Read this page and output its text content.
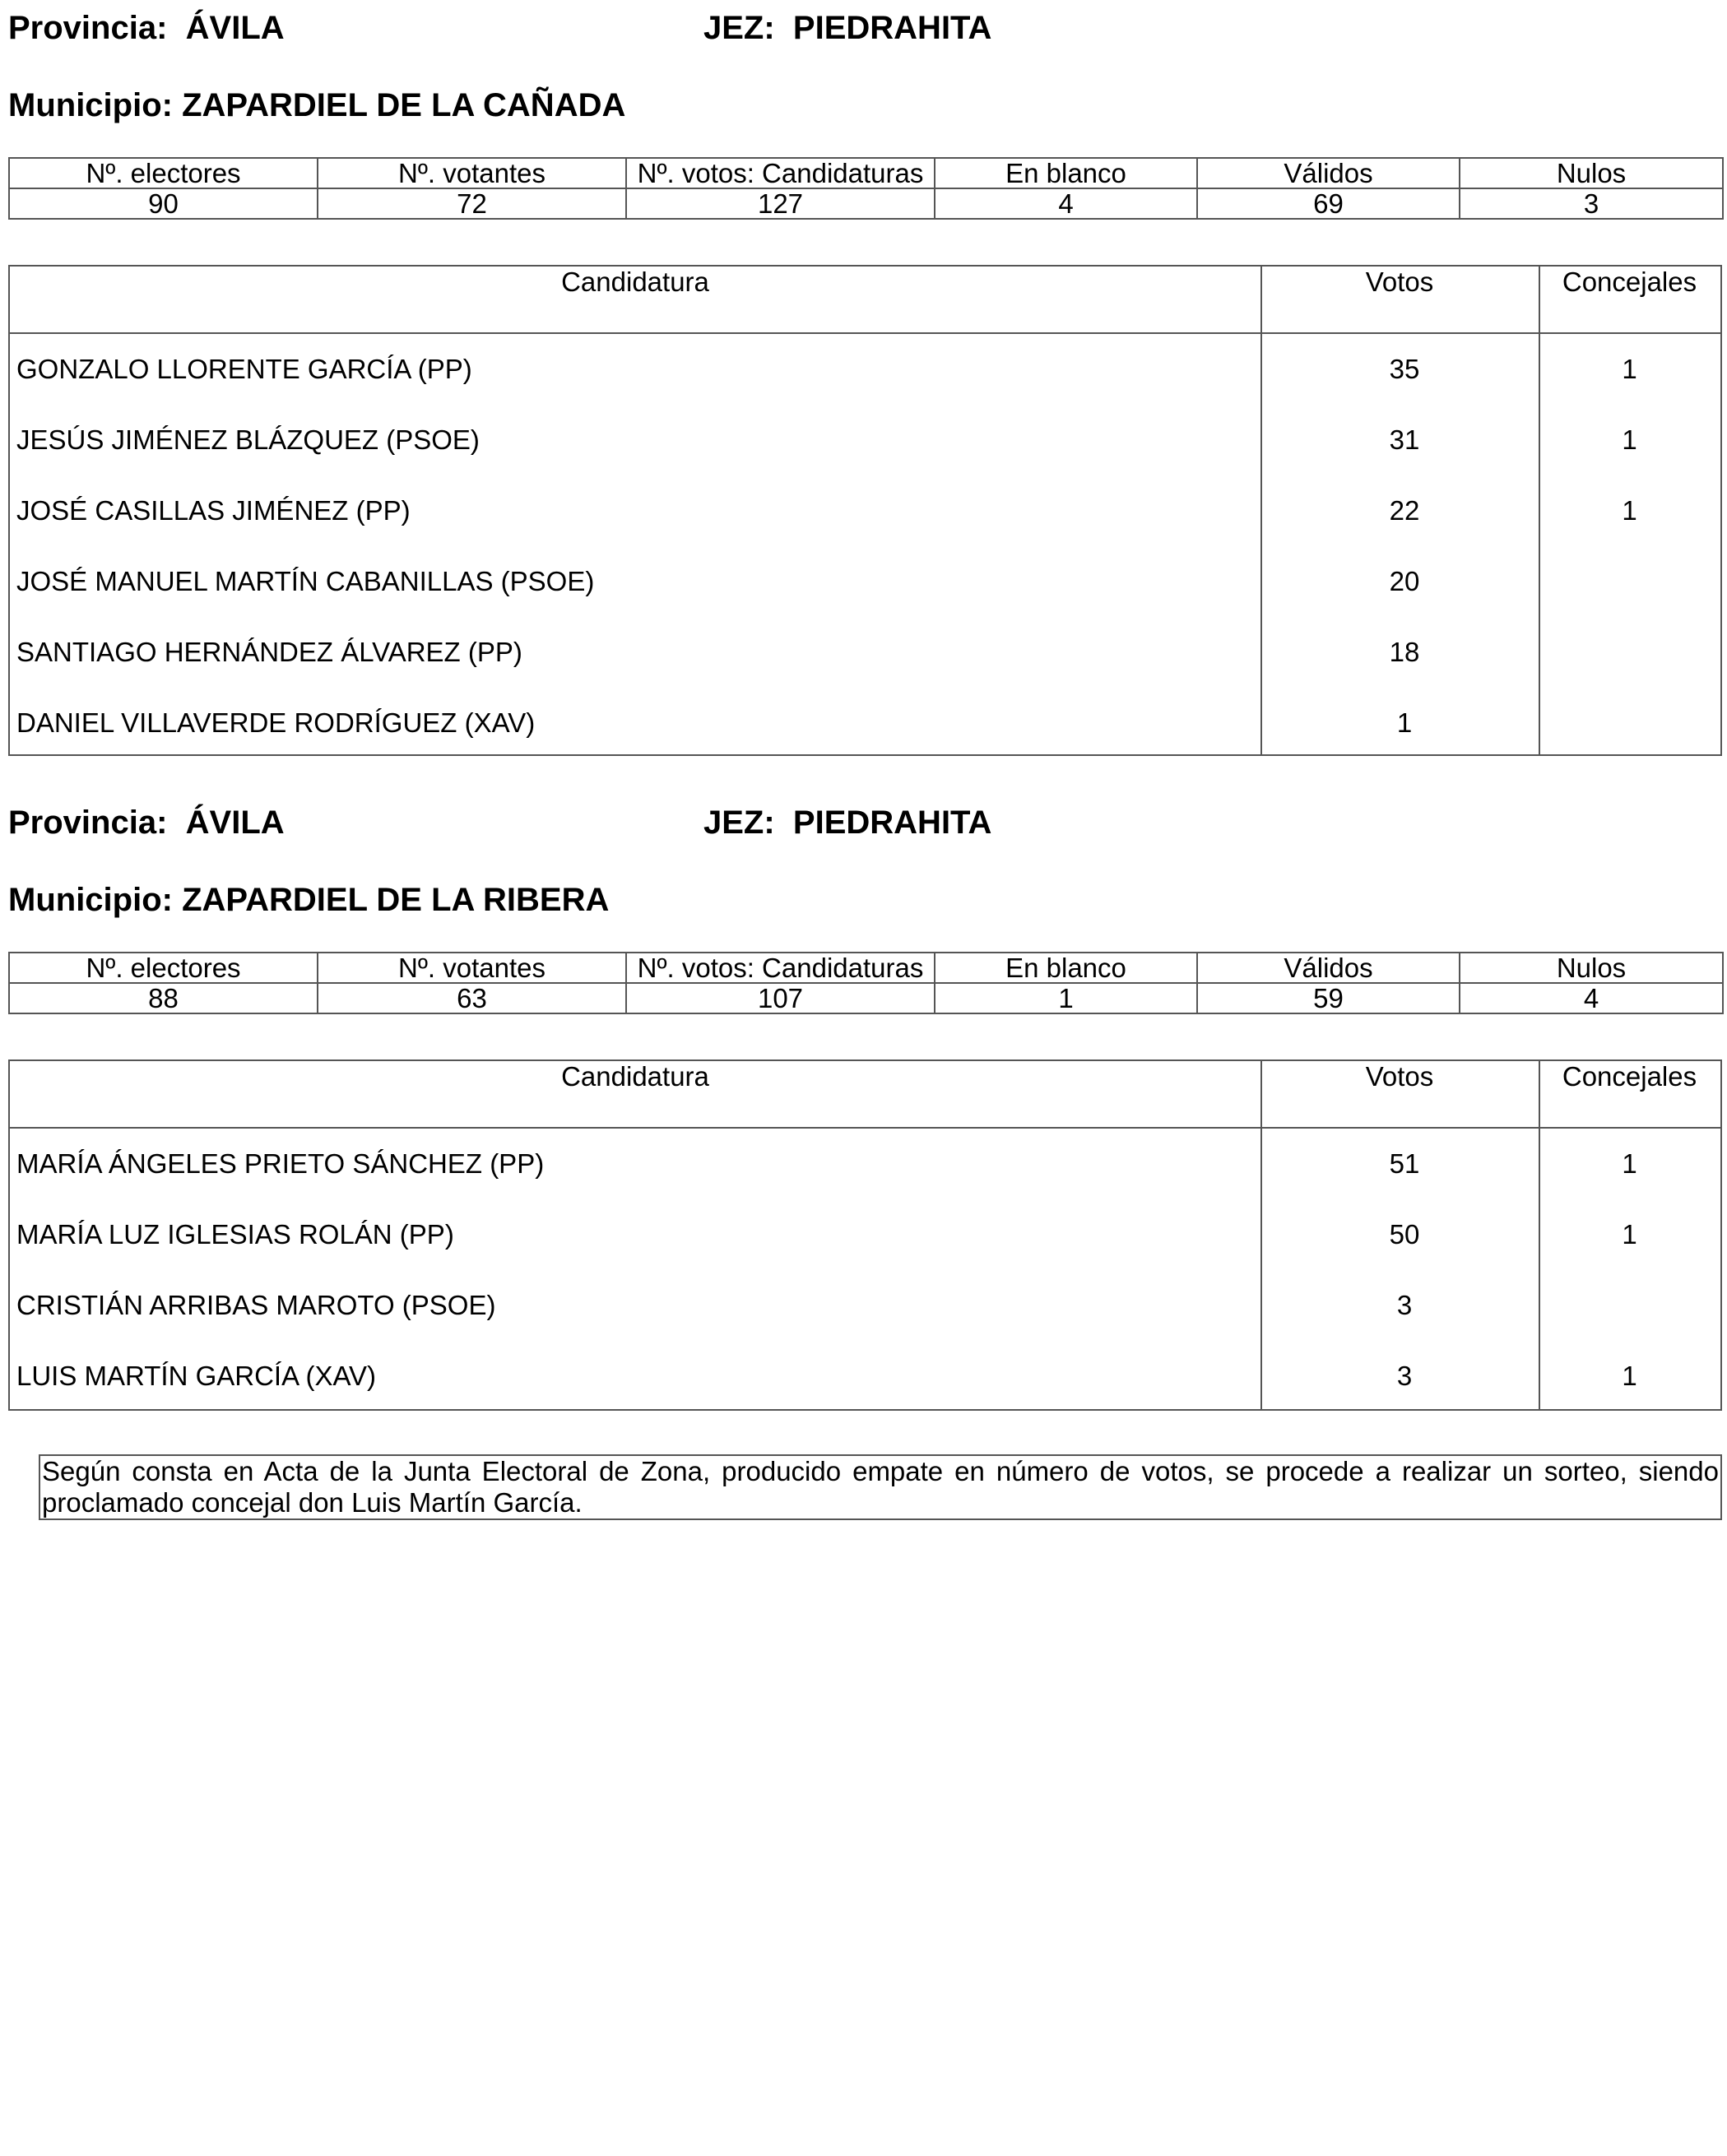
Provincia: ÁVILA	JEZ: PIEDRAHITA
Municipio: ZAPARDIEL DE LA CAÑADA
Nº. electores	Nº. votantes	Nº. votos: Candidaturas	En blanco	Válidos	Nulos
90	72	127	4	69	3
Candidatura	Votos	Concejales
GONZALO LLORENTE GARCÍA (PP)	35	1
JESÚS JIMÉNEZ BLÁZQUEZ (PSOE)	31	1
JOSÉ CASILLAS JIMÉNEZ (PP)	22	1
JOSÉ MANUEL MARTÍN CABANILLAS (PSOE)	20
SANTIAGO HERNÁNDEZ ÁLVAREZ (PP)	18
DANIEL VILLAVERDE RODRÍGUEZ (XAV)	1
Provincia: ÁVILA	JEZ: PIEDRAHITA
Municipio: ZAPARDIEL DE LA RIBERA
Nº. electores	Nº. votantes	Nº. votos: Candidaturas	En blanco	Válidos	Nulos
88	63	107	1	59	4
Candidatura	Votos	Concejales
MARÍA ÁNGELES PRIETO SÁNCHEZ (PP)	51	1
MARÍA LUZ IGLESIAS ROLÁN (PP)	50	1
CRISTIÁN ARRIBAS MAROTO (PSOE)	3
LUIS MARTÍN GARCÍA (XAV)	3	1
Según consta en Acta de la Junta Electoral de Zona, producido empate en número de votos, se procede a realizar un sorteo, siendo proclamado concejal don Luis Martín García.
